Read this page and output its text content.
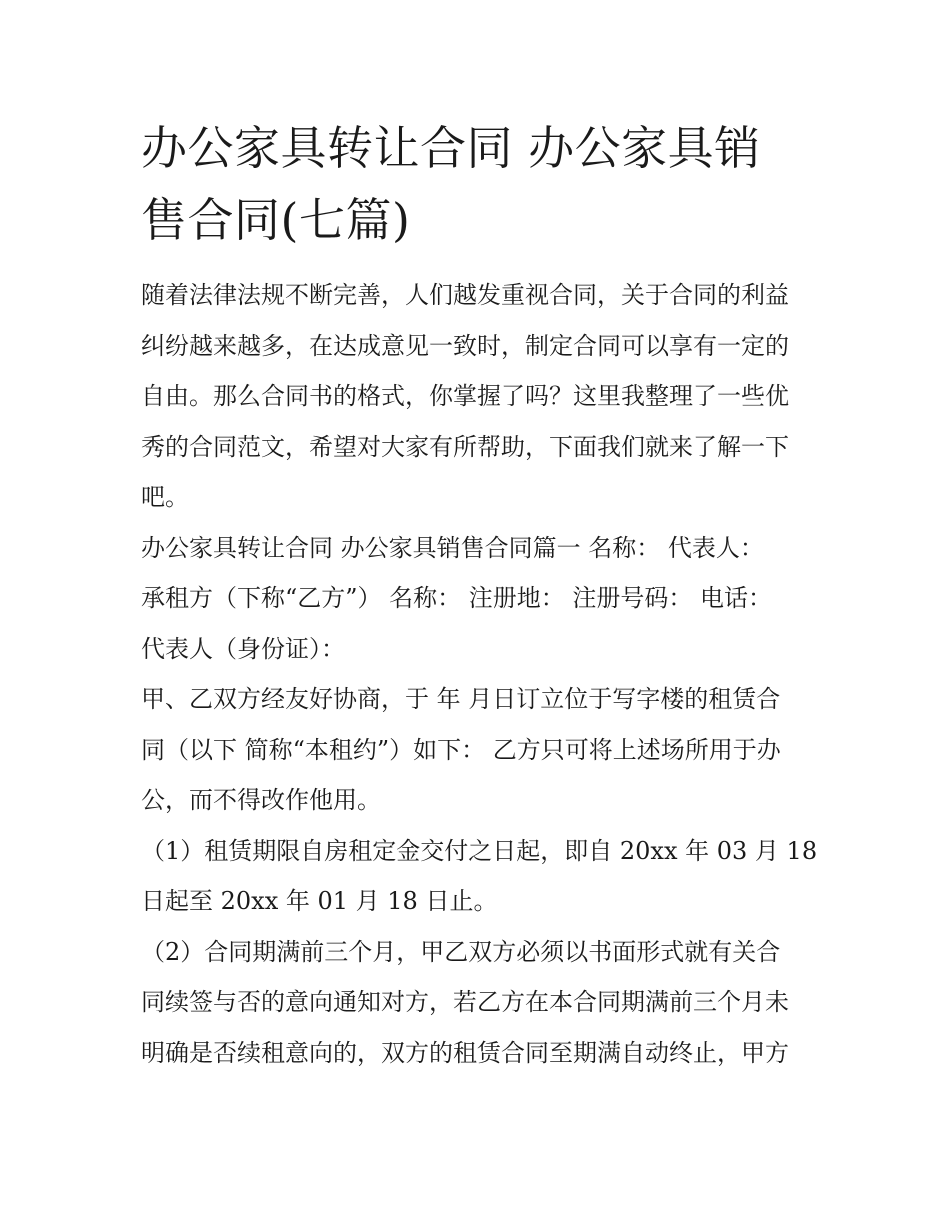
办公家具转让合同 办公家具销
售合同(七篇)
随着法律法规不断完善，人们越发重视合同，关于合同的利益
纠纷越来越多，在达成意见一致时，制定合同可以享有一定的
自由。那么合同书的格式，你掌握了吗？这里我整理了一些优
秀的合同范文，希望对大家有所帮助，下面我们就来了解一下
吧。
办公家具转让合同 办公家具销售合同篇一 名称： 代表人：
承租方（下称“乙方”） 名称： 注册地： 注册号码： 电话：
代表人（身份证）：
甲、乙双方经友好协商，于 年 月日订立位于写字楼的租赁合
同（以下 简称“本租约”）如下： 乙方只可将上述场所用于办
公，而不得改作他用。
（1）租赁期限自房租定金交付之日起，即自 20xx 年 03 月 18
日起至 20xx 年 01 月 18 日止。
（2）合同期满前三个月，甲乙双方必须以书面形式就有关合
同续签与否的意向通知对方，若乙方在本合同期满前三个月未
明确是否续租意向的，双方的租赁合同至期满自动终止，甲方
